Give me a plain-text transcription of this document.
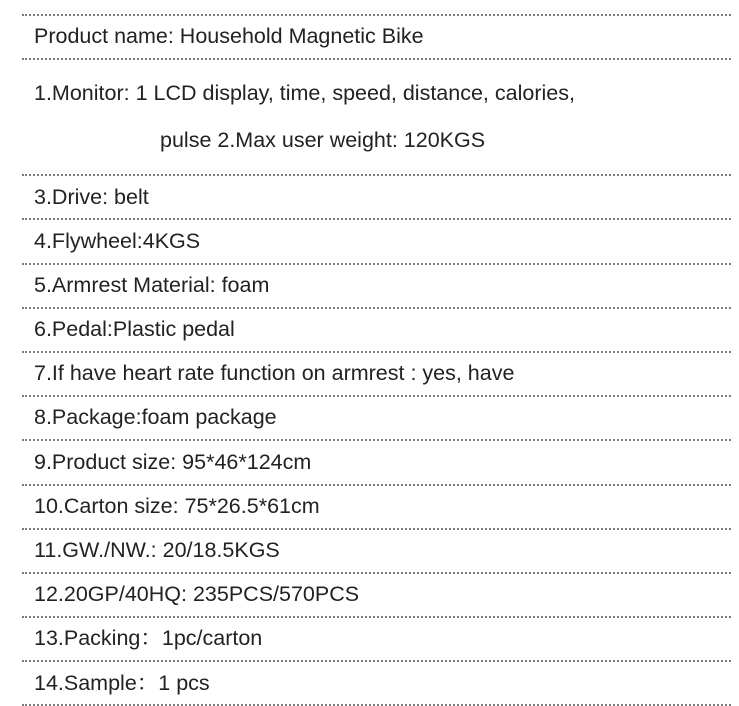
Product name: Household Magnetic Bike
1.Monitor: 1 LCD display, time, speed, distance, calories,
pulse 2.Max user weight: 120KGS
3.Drive: belt
4.Flywheel:4KGS
5.Armrest Material: foam
6.Pedal:Plastic pedal
7.If have heart rate function on armrest : yes, have
8.Package:foam package
9.Product size: 95*46*124cm
10.Carton size: 75*26.5*61cm
11.GW./NW.: 20/18.5KGS
12.20GP/40HQ: 235PCS/570PCS
13.Packing：1pc/carton
14.Sample：1 pcs
